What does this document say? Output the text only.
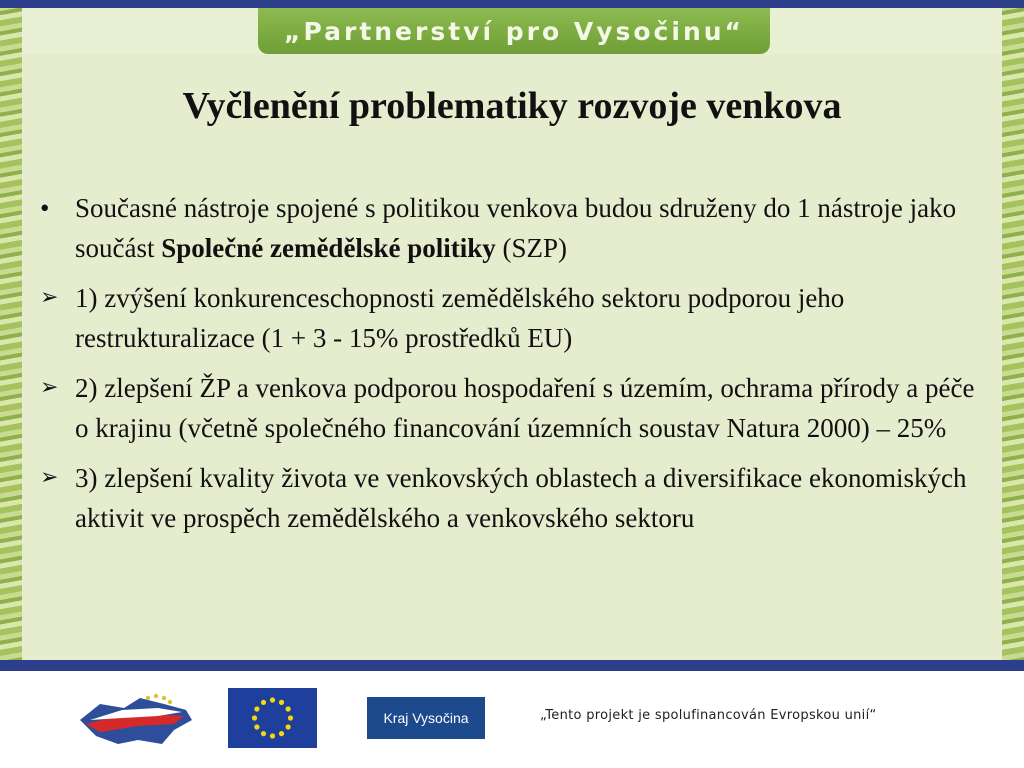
„Partnerství pro Vysočinu“
Vyčlenění problematiky rozvoje venkova
• Současné nástroje spojené s politikou venkova budou sdruženy do 1 nástroje jako součást Společné zemědělské politiky (SZP)
➢ 1) zvýšení konkurenceschopnosti zemědělského sektoru podporou jeho restrukturalizace (1 + 3 - 15% prostředků EU)
➢ 2) zlepšení ŽP a venkova podporou hospodaření s územím, ochrama přírody a péče o krajinu (včetně společného financování územních soustav Natura 2000) – 25%
➢ 3) zlepšení kvality života ve venkovských oblastech a diversifikace ekonomiských aktivit ve prospěch zemědělského a venkovského sektoru
Kraj Vysočina	„Tento projekt je spolufinancován Evropskou unií“
